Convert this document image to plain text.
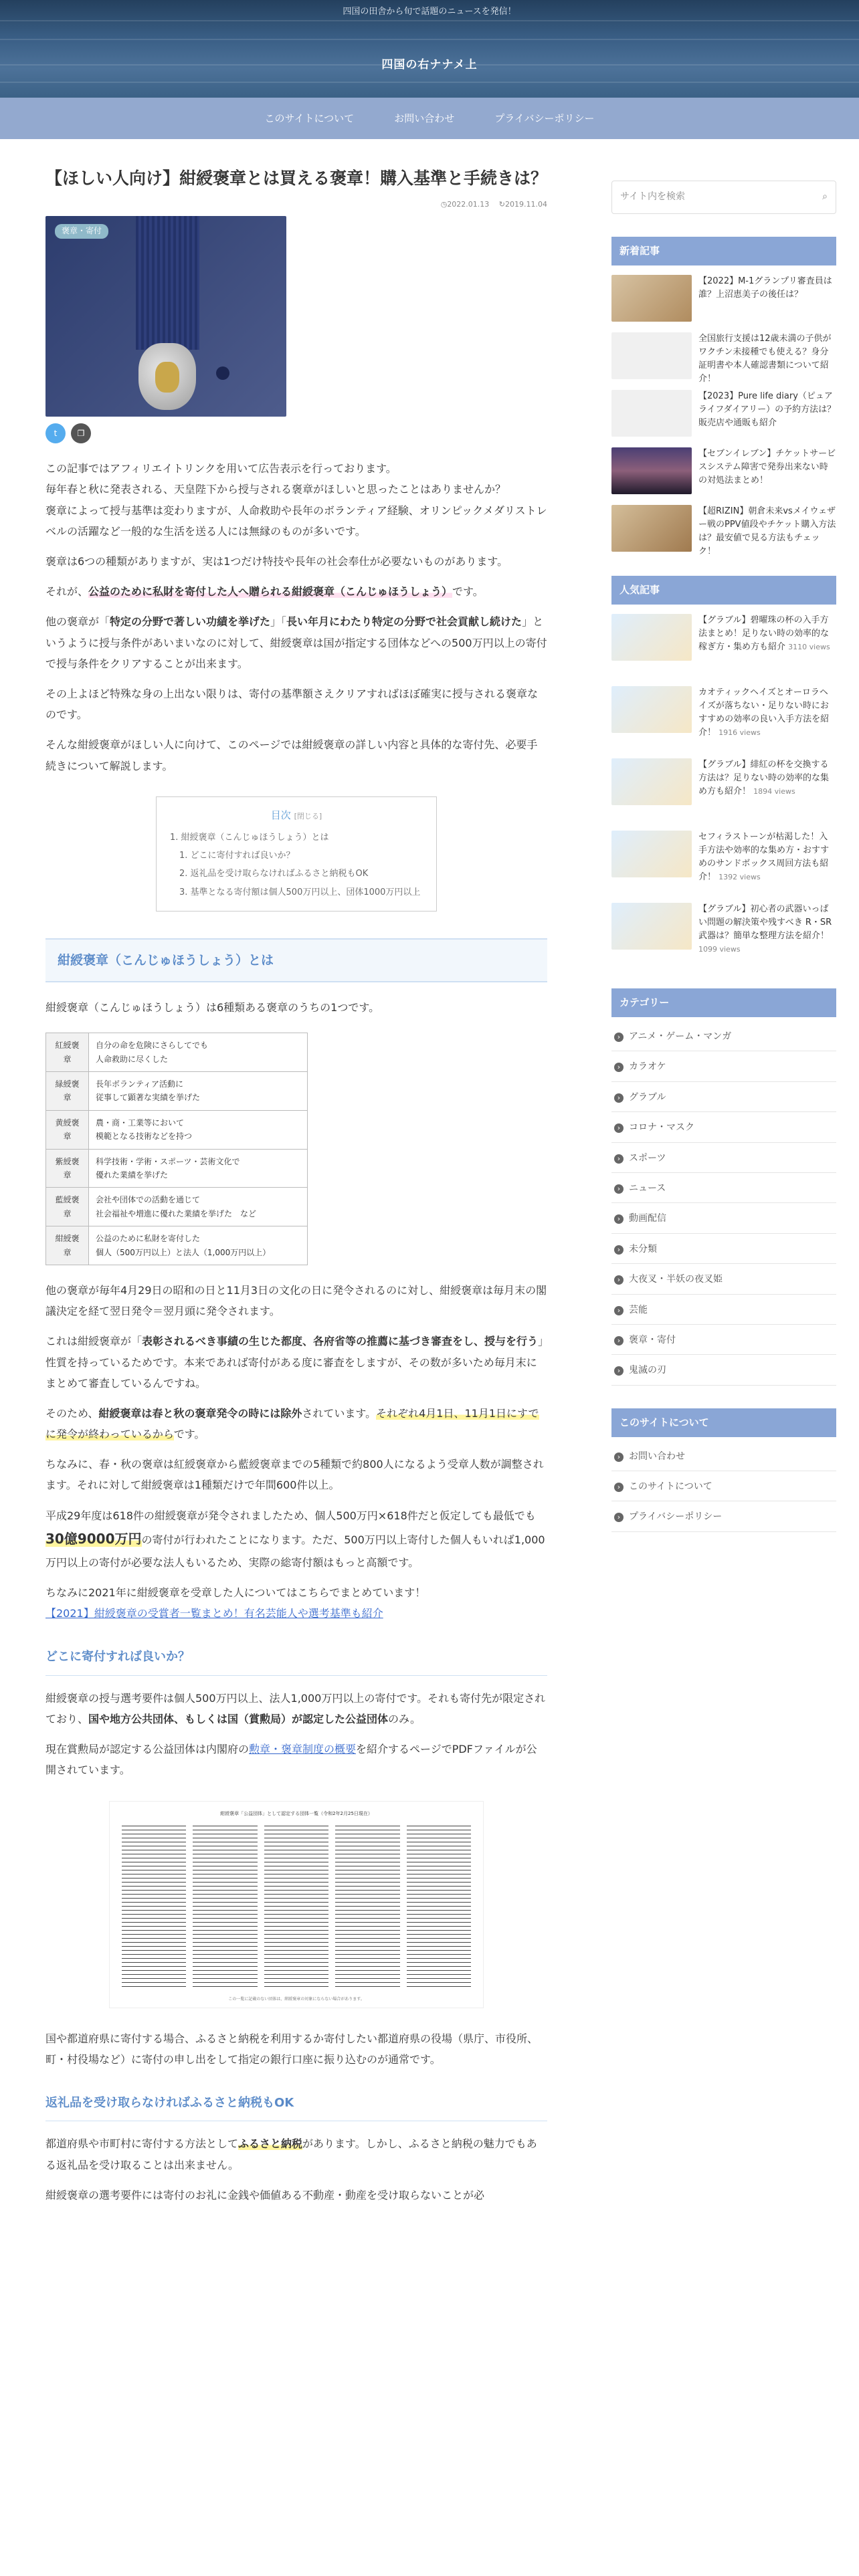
四国の田舎から旬で話題のニュースを発信！
四国の右ナナメ上
このサイトについて	お問い合わせ	プライバシーポリシー
【ほしい人向け】紺綬褒章とは買える褒章！購入基準と手続きは？
◷2022.01.13　 ↻2019.11.04
褒章・寄付
t	❐

この記事ではアフィリエイトリンクを用いて広告表示を行っております。
毎年春と秋に発表される、天皇陛下から授与される褒章がほしいと思ったことはありませんか？
褒章によって授与基準は変わりますが、人命救助や長年のボランティア経験、オリンピックメダリストレベルの活躍など一般的な生活を送る人には無縁のものが多いです。

褒章は6つの種類がありますが、実は1つだけ特技や長年の社会奉仕が必要ないものがあります。

それが、公益のために私財を寄付した人へ贈られる紺綬褒章（こんじゅほうしょう）です。

他の褒章が「特定の分野で著しい功績を挙げた」「長い年月にわたり特定の分野で社会貢献し続けた」というように授与条件があいまいなのに対して、紺綬褒章は国が指定する団体などへの500万円以上の寄付で授与条件をクリアすることが出来ます。

その上よほど特殊な身の上出ない限りは、寄付の基準額さえクリアすればほぼ確実に授与される褒章なのです。

そんな紺綬褒章がほしい人に向けて、このページでは紺綬褒章の詳しい内容と具体的な寄付先、必要手続きについて解説します。

目次 [閉じる]
1. 紺綬褒章（こんじゅほうしょう）とは
1. どこに寄付すれば良いか？
2. 返礼品を受け取らなければふるさと納税もOK
3. 基準となる寄付額は個人500万円以上、団体1000万円以上
紺綬褒章（こんじゅほうしょう）とは

紺綬褒章（こんじゅほうしょう）は6種類ある褒章のうちの1つです。

紅綬褒章	自分の命を危険にさらしてでも
人命救助に尽くした
緑綬褒章	長年ボランティア活動に
従事して顕著な実績を挙げた
黄綬褒章	農・商・工業等において
模範となる技術などを持つ
紫綬褒章	科学技術・学術・スポーツ・芸術文化で
優れた業績を挙げた
藍綬褒章	会社や団体での活動を通じて
社会福祉や増進に優れた業績を挙げた　など
紺綬褒章	公益のために私財を寄付した
個人（500万円以上）と法人（1,000万円以上）

他の褒章が毎年4月29日の昭和の日と11月3日の文化の日に発令されるのに対し、紺綬褒章は毎月末の閣議決定を経て翌日発令＝翌月頭に発令されます。

これは紺綬褒章が「表彰されるべき事績の生じた都度、各府省等の推薦に基づき審査をし、授与を行う」性質を持っているためです。本来であれば寄付がある度に審査をしますが、その数が多いため毎月末にまとめて審査しているんですね。

そのため、紺綬褒章は春と秋の褒章発令の時には除外されています。それぞれ4月1日、11月1日にすでに発令が終わっているからです。

ちなみに、春・秋の褒章は紅綬褒章から藍綬褒章までの5種類で約800人になるよう受章人数が調整されます。それに対して紺綬褒章は1種類だけで年間600件以上。

平成29年度は618件の紺綬褒章が発令されましたため、個人500万円×618件だと仮定しても最低でも30億9000万円の寄付が行われたことになります。ただ、500万円以上寄付した個人もいれば1,000万円以上の寄付が必要な法人もいるため、実際の総寄付額はもっと高額です。

ちなみに2021年に紺綬褒章を受章した人についてはこちらでまとめています！
【2021】紺綬褒章の受賞者一覧まとめ！有名芸能人や選考基準も紹介

どこに寄付すれば良いか？

紺綬褒章の授与選考要件は個人500万円以上、法人1,000万円以上の寄付です。それも寄付先が限定されており、国や地方公共団体、もしくは国（賞勲局）が認定した公益団体のみ。

現在賞勲局が認定する公益団体は内閣府の勲章・褒章制度の概要を紹介するページでPDFファイルが公開されています。

紺綬褒章「公益団体」として認定する団体一覧（令和2年2月25日現在）
この一覧に記載のない団体は、紺綬褒章の対象にならない場合があります。

国や都道府県に寄付する場合、ふるさと納税を利用するか寄付したい都道府県の役場（県庁、市役所、町・村役場など）に寄付の申し出をして指定の銀行口座に振り込むのが通常です。

返礼品を受け取らなければふるさと納税もOK

都道府県や市町村に寄付する方法としてふるさと納税があります。しかし、ふるさと納税の魅力でもある返礼品を受け取ることは出来ません。

紺綬褒章の選考要件には寄付のお礼に金銭や価値ある不動産・動産を受け取らないことが必

サイト内を検索	⌕
新着記事
【2022】M-1グランプリ審査員は誰？上沼恵美子の後任は？
全国旅行支援は12歳未満の子供がワクチン未接種でも使える？身分証明書や本人確認書類について紹介！
【2023】Pure life diary（ピュアライフダイアリー）の予約方法は？販売店や通販も紹介
【セブンイレブン】チケットサービスシステム障害で発券出来ない時の対処法まとめ！
【超RIZIN】朝倉未来vsメイウェザー戦のPPV値段やチケット購入方法は？最安値で見る方法もチェック！
人気記事
【グラブル】碧曜珠の杯の入手方法まとめ！足りない時の効率的な稼ぎ方・集め方も紹介 3110 views
カオティックヘイズとオーロラヘイズが落ちない・足りない時におすすめの効率の良い入手方法を紹介！ 1916 views
【グラブル】緋紅の杯を交換する方法は？足りない時の効率的な集め方も紹介！ 1894 views
セフィラストーンが枯渇した！入手方法や効率的な集め方・おすすめのサンドボックス周回方法も紹介！ 1392 views
【グラブル】初心者の武器いっぱい問題の解決策や残すべき R・SR武器は？簡単な整理方法を紹介！ 1099 views
カテゴリー
› アニメ・ゲーム・マンガ
› カラオケ
› グラブル
› コロナ・マスク
› スポーツ
› ニュース
› 動画配信
› 未分類
› 大夜叉・半妖の夜叉姫
› 芸能
› 褒章・寄付
› 鬼滅の刃
このサイトについて
› お問い合わせ
› このサイトについて
› プライバシーポリシー
